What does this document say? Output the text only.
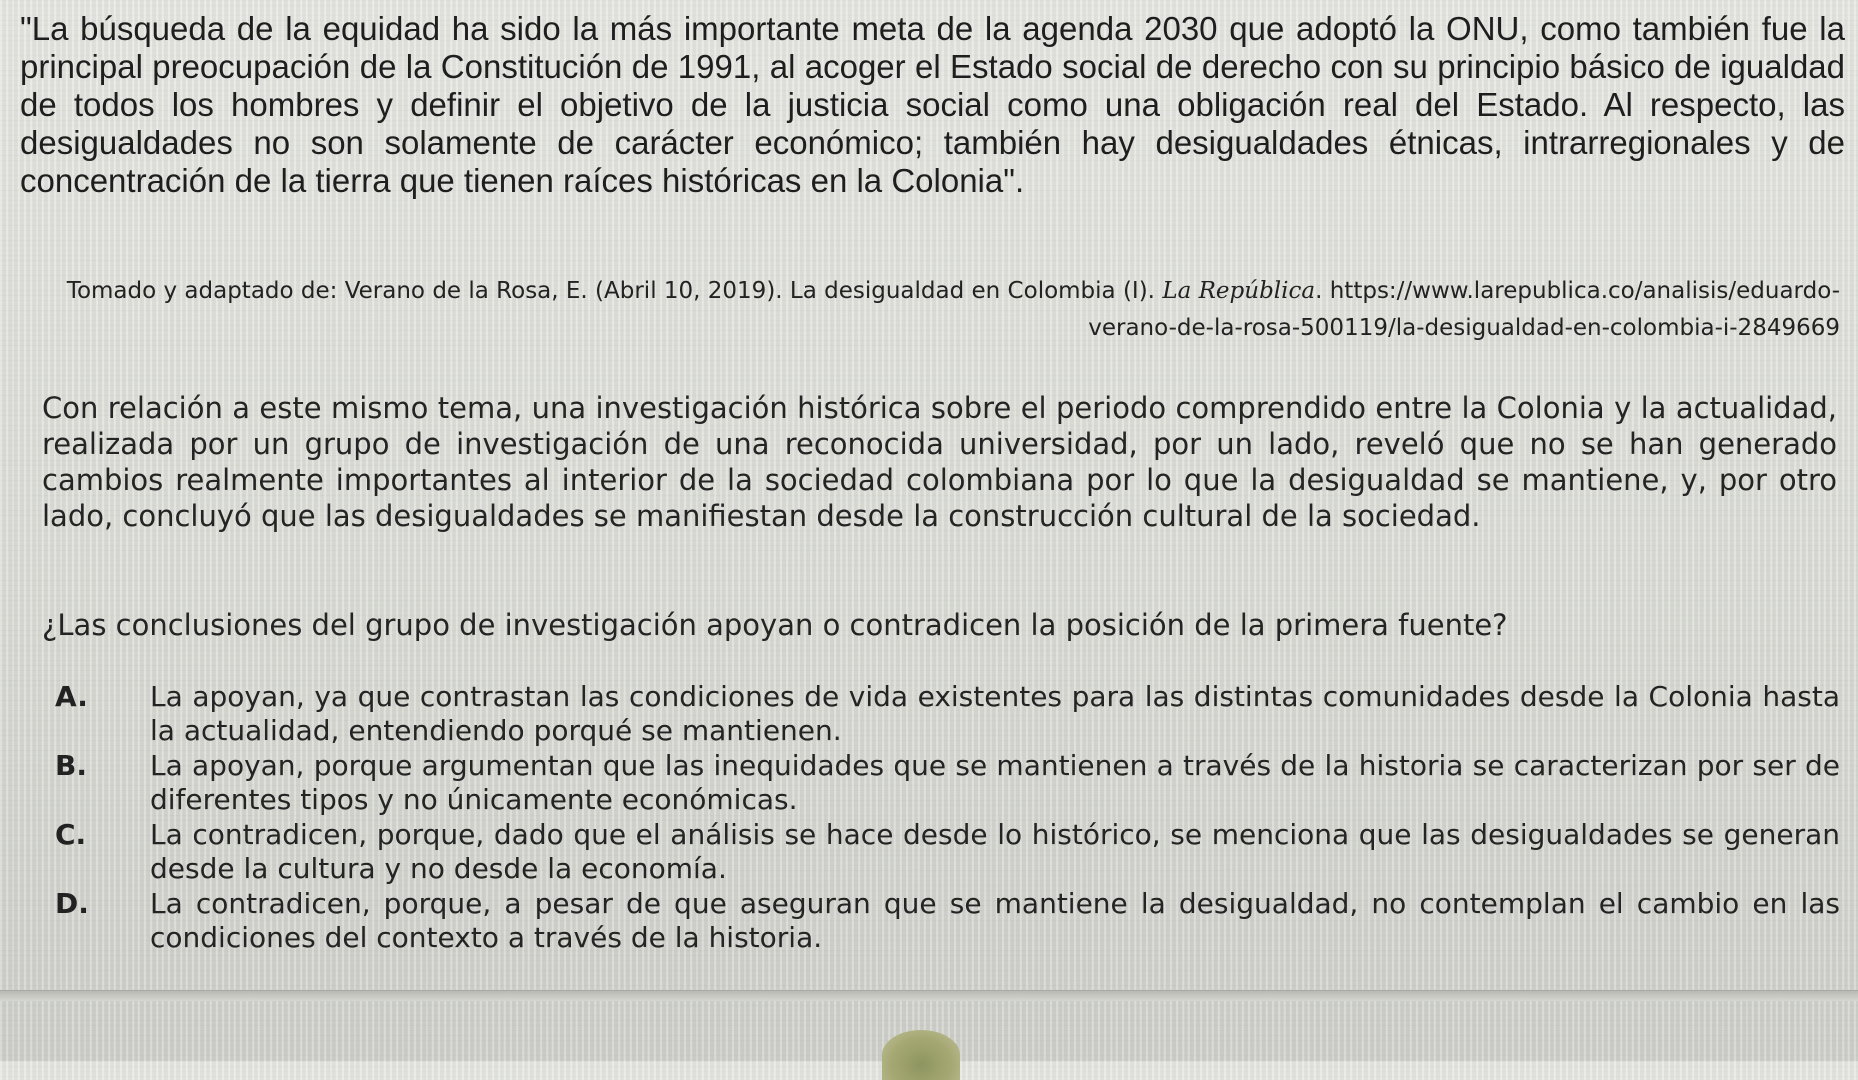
"La búsqueda de la equidad ha sido la más importante meta de la agenda 2030 que adoptó la ONU, como también fue la principal preocupación de la Constitución de 1991, al acoger el Estado social de derecho con su principio básico de igualdad de todos los hombres y definir el objetivo de la justicia social como una obligación real del Estado. Al respecto, las desigualdades no son solamente de carácter económico; también hay desigualdades étnicas, intrarregionales y de concentración de la tierra que tienen raíces históricas en la Colonia".

Tomado y adaptado de: Verano de la Rosa, E. (Abril 10, 2019). La desigualdad en Colombia (I). La República. https://www.larepublica.co/analisis/eduardo-verano-de-la-rosa-500119/la-desigualdad-en-colombia-i-2849669

Con relación a este mismo tema, una investigación histórica sobre el periodo comprendido entre la Colonia y la actualidad, realizada por un grupo de investigación de una reconocida universidad, por un lado, reveló que no se han generado cambios realmente importantes al interior de la sociedad colombiana por lo que la desigualdad se mantiene, y, por otro lado, concluyó que las desigualdades se manifiestan desde la construcción cultural de la sociedad.

¿Las conclusiones del grupo de investigación apoyan o contradicen la posición de la primera fuente?

A.	La apoyan, ya que contrastan las condiciones de vida existentes para las distintas comunidades desde la Colonia hasta la actualidad, entendiendo porqué se mantienen.
B.	La apoyan, porque argumentan que las inequidades que se mantienen a través de la historia se caracterizan por ser de diferentes tipos y no únicamente económicas.
C.	La contradicen, porque, dado que el análisis se hace desde lo histórico, se menciona que las desigualdades se generan desde la cultura y no desde la economía.
D.	La contradicen, porque, a pesar de que aseguran que se mantiene la desigualdad, no contemplan el cambio en las condiciones del contexto a través de la historia.
